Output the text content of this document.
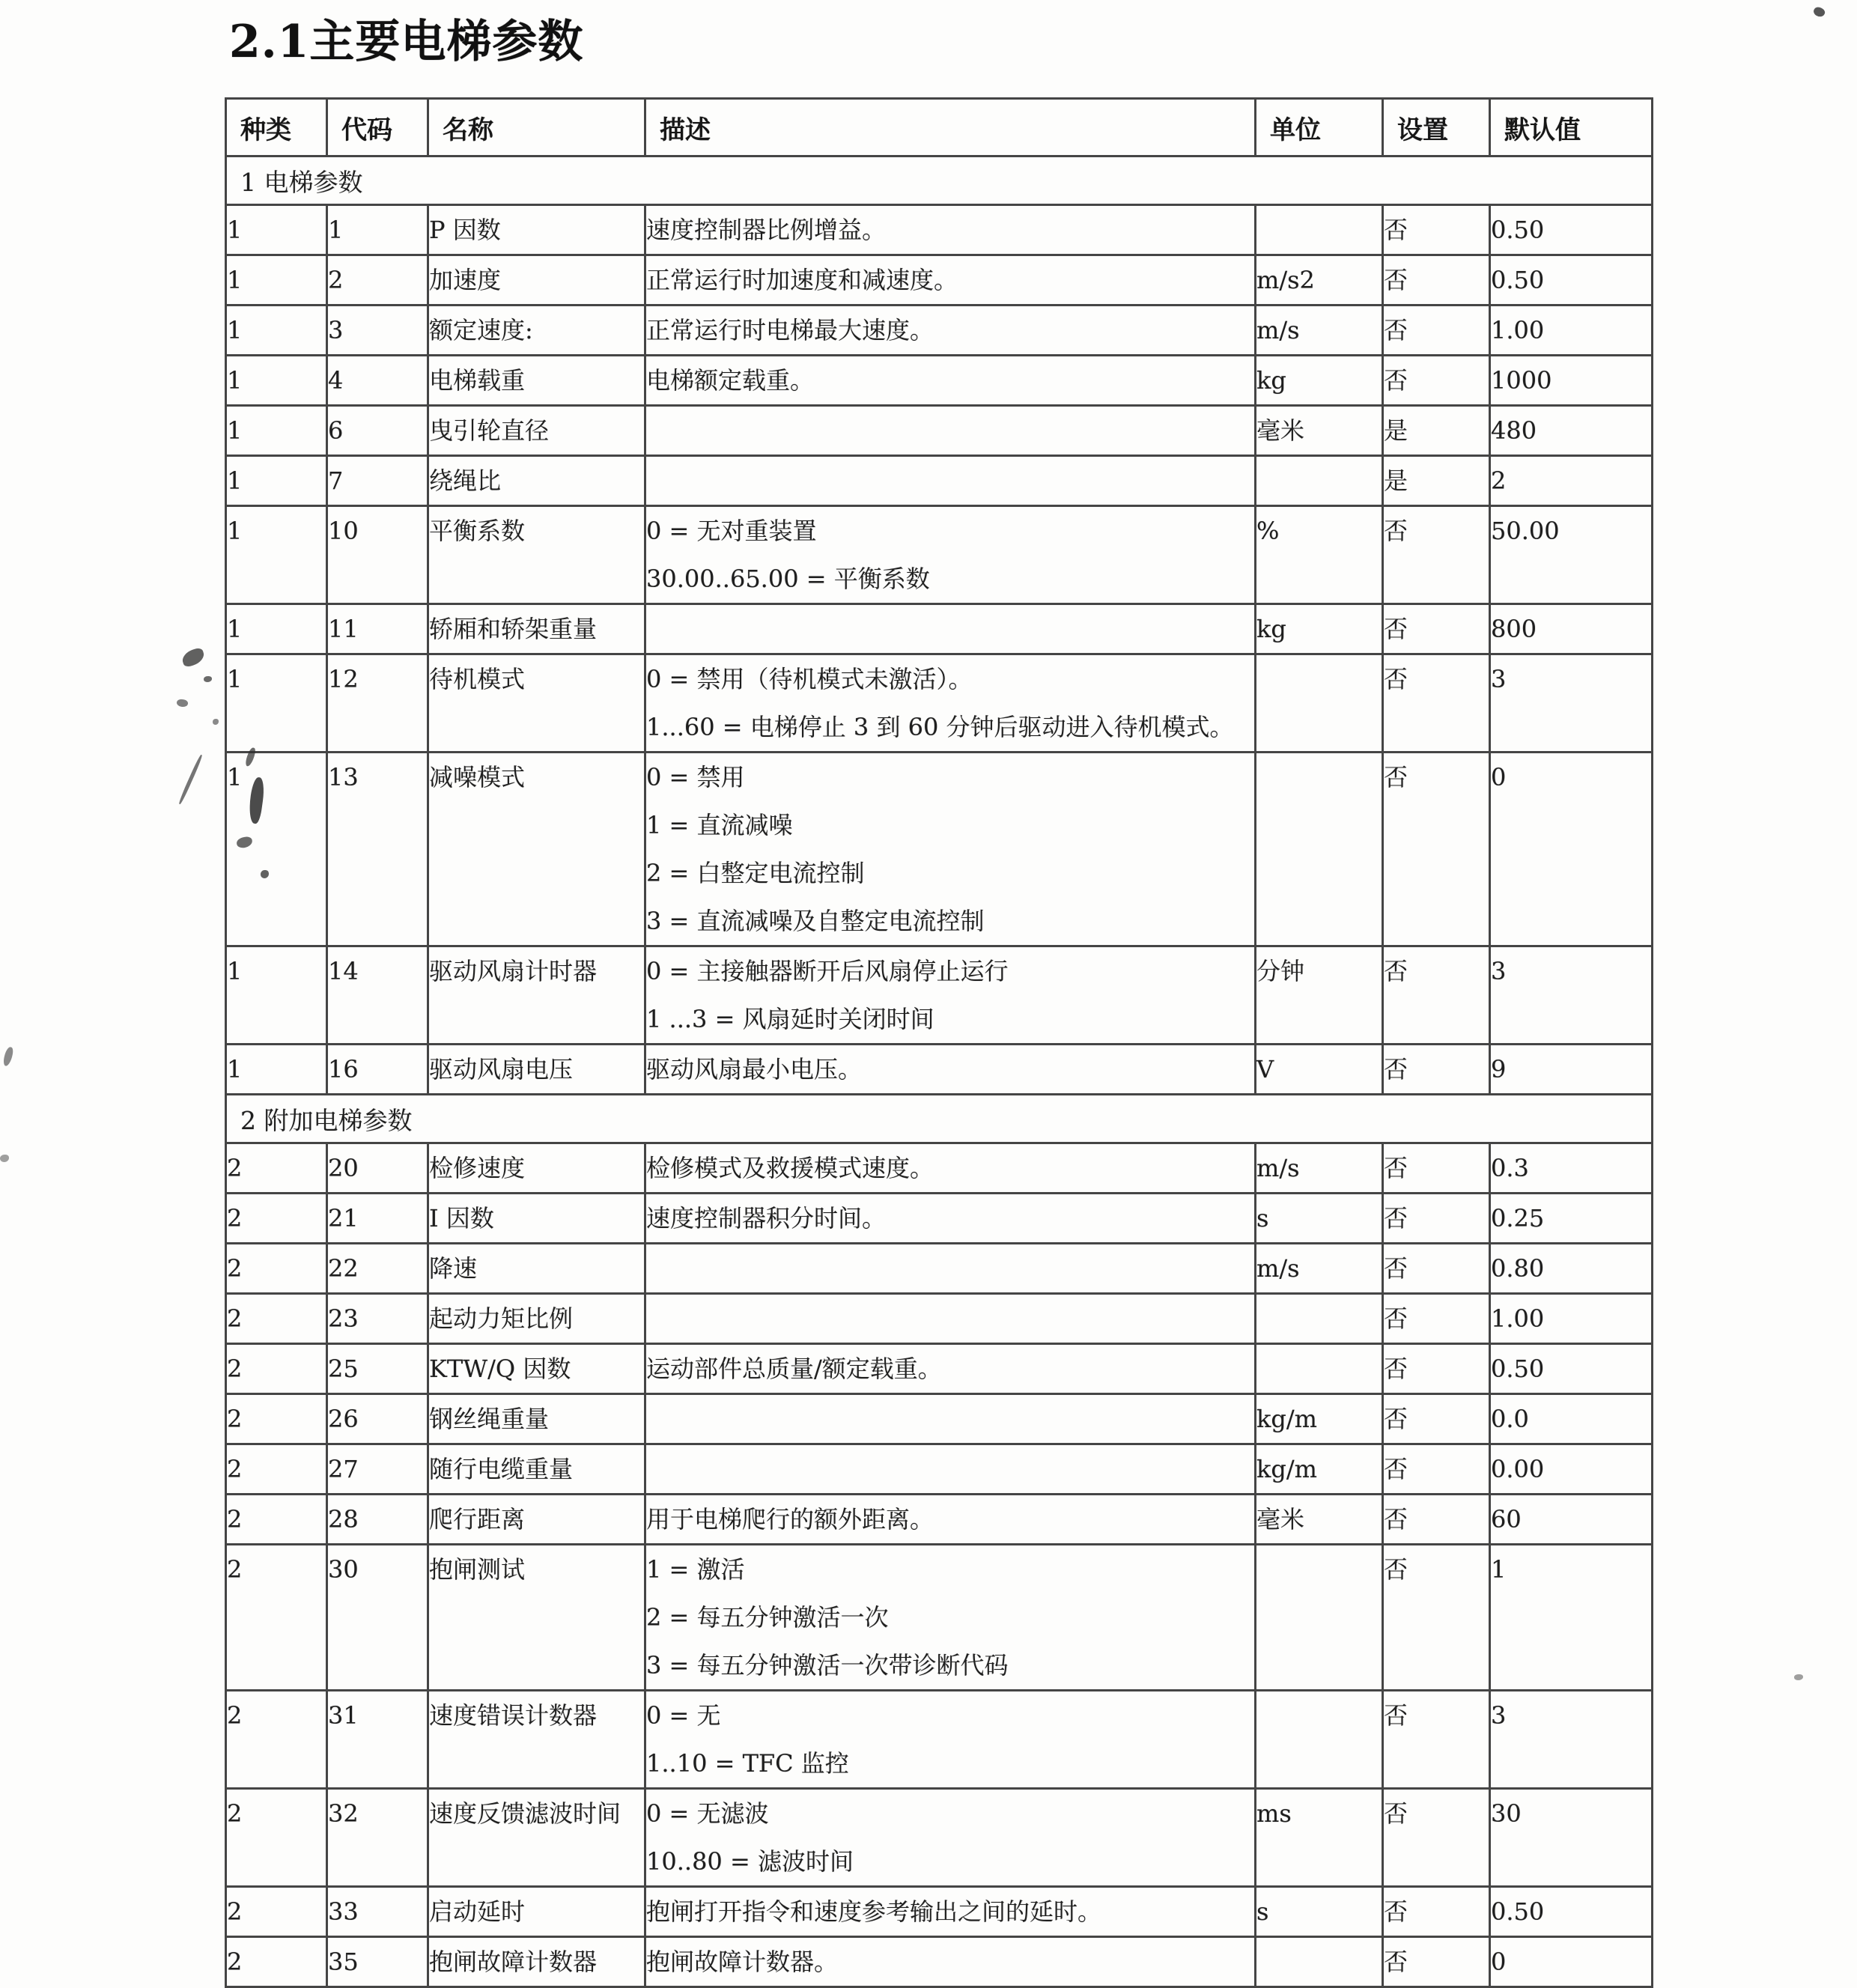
2.1主要电梯参数
种类	代码	名称	描述	单位	设置	默认值
1 电梯参数						

1	1	P 因数	速度控制器比例增益。		否	0.50

1	2	加速度	正常运行时加速度和减速度。	m/s2	否	0.50

1	3	额定速度:	正常运行时电梯最大速度。	m/s	否	1.00

1	4	电梯载重	电梯额定载重。	kg	否	1000

1	6	曳引轮直径		毫米	是	480

1	7	绕绳比			是	2

1	10	平衡系数	0 = 无对重装置
30.00..65.00 = 平衡系数	%	否	50.00

1	11	轿厢和轿架重量		kg	否	800

1	12	待机模式	0 = 禁用（待机模式未激活）。
1...60 = 电梯停止 3 到 60 分钟后驱动进入待机模式。		否	3

1	13	减噪模式	0 = 禁用
1 = 直流减噪
2 = 白整定电流控制
3 = 直流减噪及自整定电流控制		否	0

1	14	驱动风扇计时器	0 = 主接触器断开后风扇停止运行
1 ...3 = 风扇延时关闭时间	分钟	否	3

1	16	驱动风扇电压	驱动风扇最小电压。	V	否	9

2 附加电梯参数						

2	20	检修速度	检修模式及救援模式速度。	m/s	否	0.3

2	21	I 因数	速度控制器积分时间。	s	否	0.25

2	22	降速		m/s	否	0.80

2	23	起动力矩比例			否	1.00

2	25	KTW/Q 因数	运动部件总质量/额定载重。		否	0.50

2	26	钢丝绳重量		kg/m	否	0.0

2	27	随行电缆重量		kg/m	否	0.00

2	28	爬行距离	用于电梯爬行的额外距离。	毫米	否	60

2	30	抱闸测试	1 = 激活
2 = 每五分钟激活一次
3 = 每五分钟激活一次带诊断代码		否	1

2	31	速度错误计数器	0 = 无
1..10 = TFC 监控		否	3

2	32	速度反馈滤波时间	0 = 无滤波
10..80 = 滤波时间	ms	否	30

2	33	启动延时	抱闸打开指令和速度参考输出之间的延时。	s	否	0.50

2	35	抱闸故障计数器	抱闸故障计数器。		否	0
